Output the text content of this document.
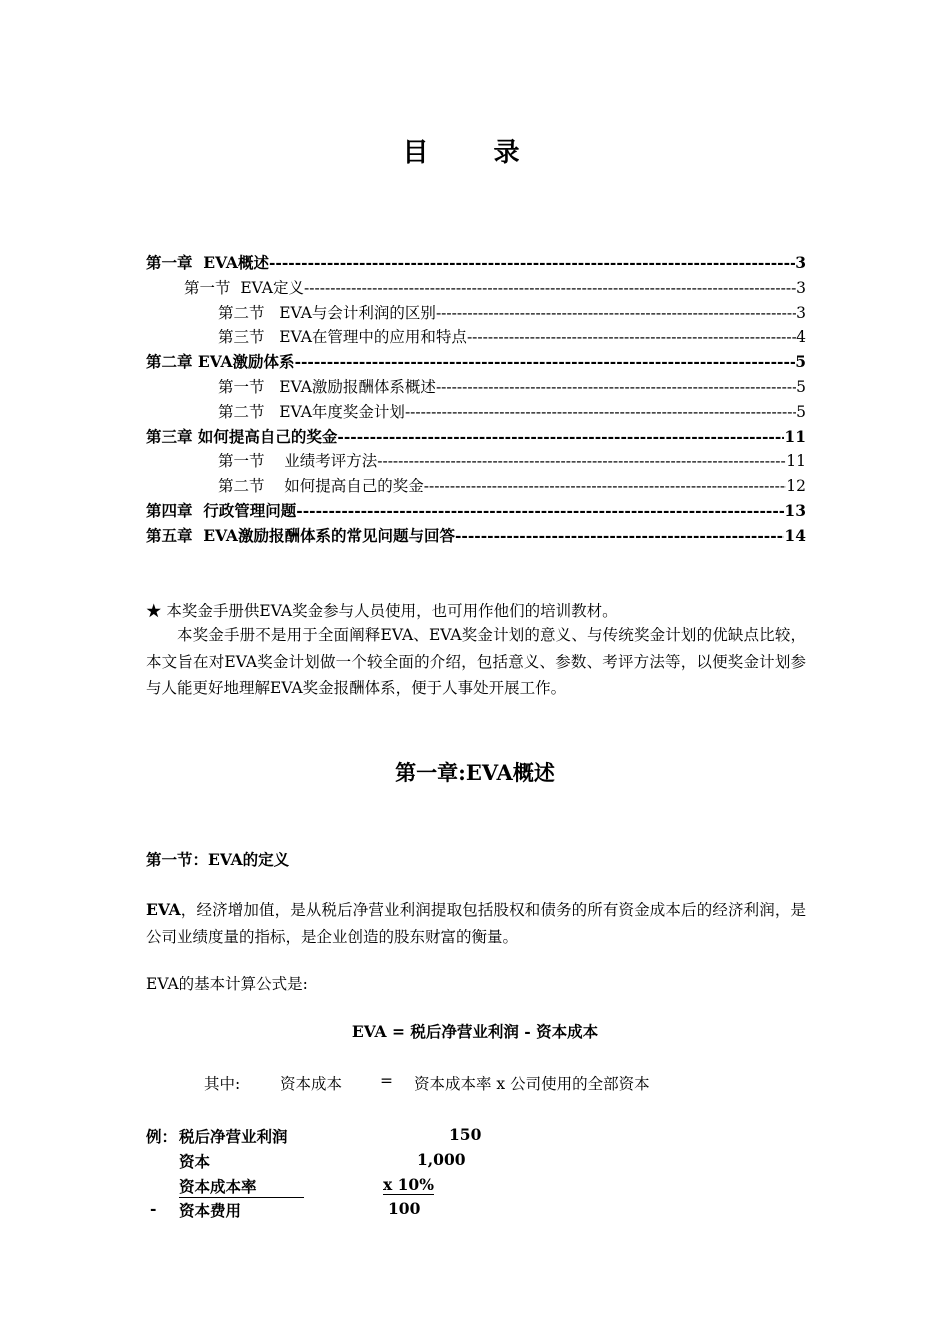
目 录
第一章  EVA概述 -----	3
第一节  EVA定义 -----	3
第二节   EVA与会计利润的区别 -----	3
第三节   EVA在管理中的应用和特点 -----	4
第二章 EVA激励体系 -----	5
第一节   EVA激励报酬体系概述 -----	5
第二节   EVA年度奖金计划 -----	5
第三章 如何提高自己的奖金 -----	11
第一节    业绩考评方法 -----	11
第二节    如何提高自己的奖金 -----	12
第四章  行政管理问题 -----	13
第五章  EVA激励报酬体系的常见问题与回答 -----	14
★ 本奖金手册供EVA奖金参与人员使用，也可用作他们的培训教材。
本奖金手册不是用于全面阐释EVA、EVA奖金计划的意义、与传统奖金计划的优缺点比较，本文旨在对EVA奖金计划做一个较全面的介绍，包括意义、参数、考评方法等，以便奖金计划参与人能更好地理解EVA奖金报酬体系，便于人事处开展工作。
第一章:EVA概述
第一节：EVA的定义
EVA，经济增加值，是从税后净营业利润提取包括股权和债务的所有资金成本后的经济利润，是公司业绩度量的指标，是企业创造的股东财富的衡量。
EVA的基本计算公式是:
EVA = 税后净营业利润 - 资本成本
其中:	资本成本 = 资本成本率 x 公司使用的全部资本
例： 税后净营业利润	150
资本	1,000
资本成本率	x 10%
- 资本费用	100
